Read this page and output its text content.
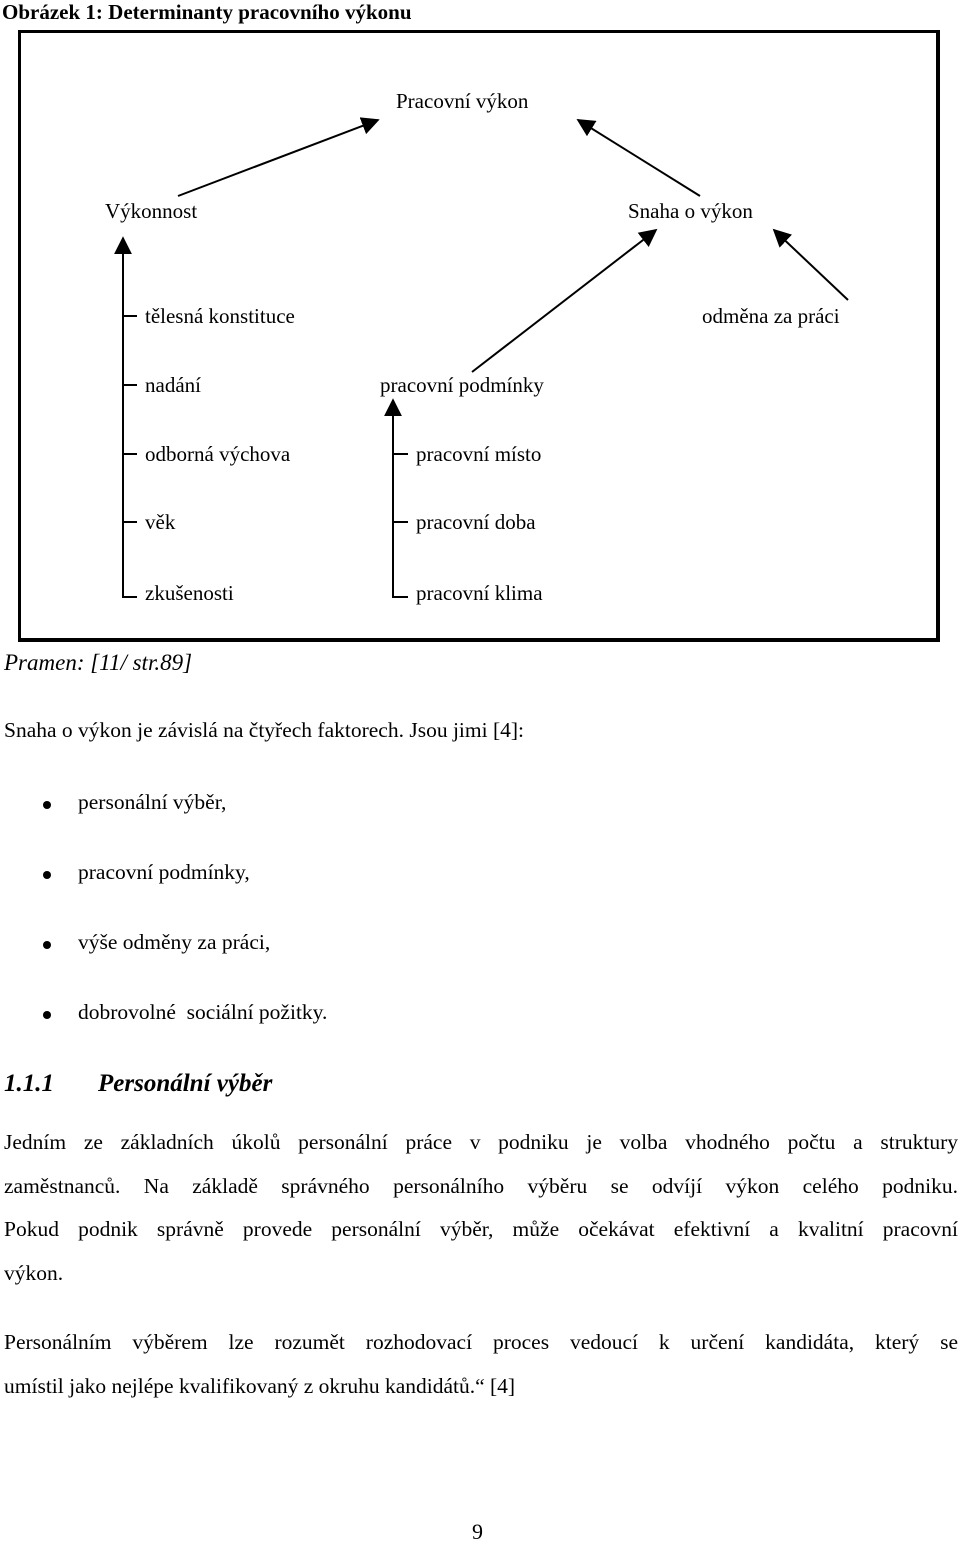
Obrázek 1: Determinanty pracovního výkonu
Pracovní výkon
Výkonnost	Snaha o výkon
odměna za práci
pracovní podmínky
tělesná konstituce
nadání
odborná výchova
věk
zkušenosti
pracovní místo
pracovní doba
pracovní klima
Pramen: [11/ str.89]
Snaha o výkon je závislá na čtyřech faktorech. Jsou jimi [4]:
personální výběr,
pracovní podmínky,
výše odměny za práci,
dobrovolné  sociální požitky.
1.1.1 Personální výběr
Jedním ze základních úkolů personální práce v podniku je volba vhodného počtu a struktury
zaměstnanců. Na základě správného personálního výběru se odvíjí výkon celého podniku.
Pokud podnik správně provede personální výběr, může očekávat efektivní a kvalitní pracovní
výkon.
Personálním výběrem lze rozumět rozhodovací proces vedoucí k určení kandidáta, který se
umístil jako nejlépe kvalifikovaný z okruhu kandidátů.“ [4]
9
